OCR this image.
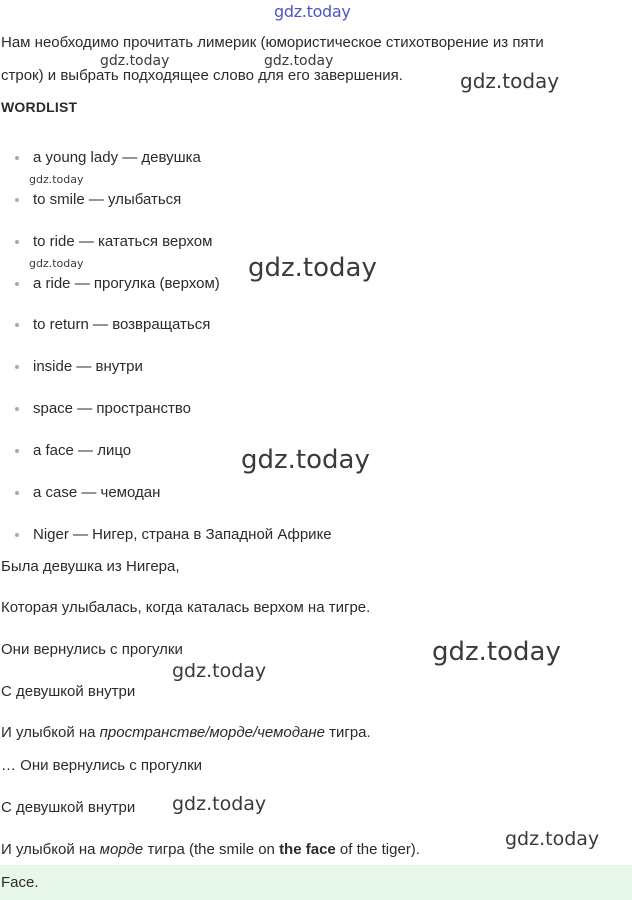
gdz.today
gdz.today	gdz.today
gdz.today
gdz.today
gdz.today	gdz.today
gdz.today
gdz.today
gdz.today
gdz.today
gdz.today
Нам необходимо прочитать лимерик (юмористическое стихотворение из пяти
строк) и выбрать подходящее слово для его завершения.
WORDLIST
a young lady — девушка
to smile — улыбаться
to ride — кататься верхом
a ride — прогулка (верхом)
to return — возвращаться
inside — внутри
space — пространство
a face — лицо
a case — чемодан
Niger — Нигер, страна в Западной Африке
Была девушка из Нигера,
Которая улыбалась, когда каталась верхом на тигре.
Они вернулись с прогулки
С девушкой внутри
И улыбкой на пространстве/морде/чемодане тигра.
… Они вернулись с прогулки
С девушкой внутри
И улыбкой на морде тигра (the smile on the face of the tiger).
Face.
